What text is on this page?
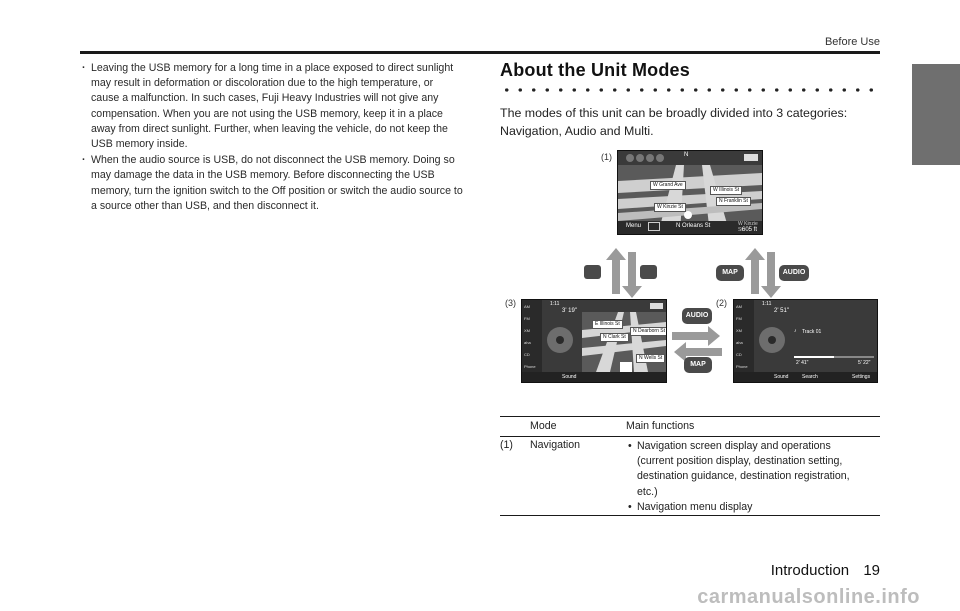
Before Use
· Leaving the USB memory for a long time in a place exposed to direct sunlight may result in deformation or discoloration due to the high temperature, or cause a malfunction. In such cases, Fuji Heavy Industries will not give any compensation. When you are not using the USB memory, keep it in a place away from direct sunlight. Further, when leaving the vehicle, do not keep the USB memory inside.
· When the audio source is USB, do not disconnect the USB memory. Doing so may damage the data in the USB memory. Before disconnecting the USB memory, turn the ignition switch to the Off position or switch the audio source to a source other than USB, and then disconnect it.
About the Unit Modes
The modes of this unit can be broadly divided into 3 categories: Navigation, Audio and Multi.
(1)
W Grand Ave
W Illinois St
N Franklin St
W Kinzie St
N
Menu	N Orleans St	W Kinzie St 605 ft
MAP	AUDIO
(3)	(2)
1:11
3' 19"
E Illinois St
N Dearborn St
N Clark St
N Wells St
AM
FM
XM
aha
CD
Phone
Sound
AUDIO
MAP
1:11
2' 51"
♪ Track 01
2' 41"	5' 22"
AM
FM
XM
aha
CD
Phone
Sound	Search	Settings
Mode	Main functions
(1) Navigation	• Navigation screen display and operations (current position display, destination setting, destination guidance, destination registration, etc.)
• Navigation menu display
Introduction 19
carmanualsonline.info
